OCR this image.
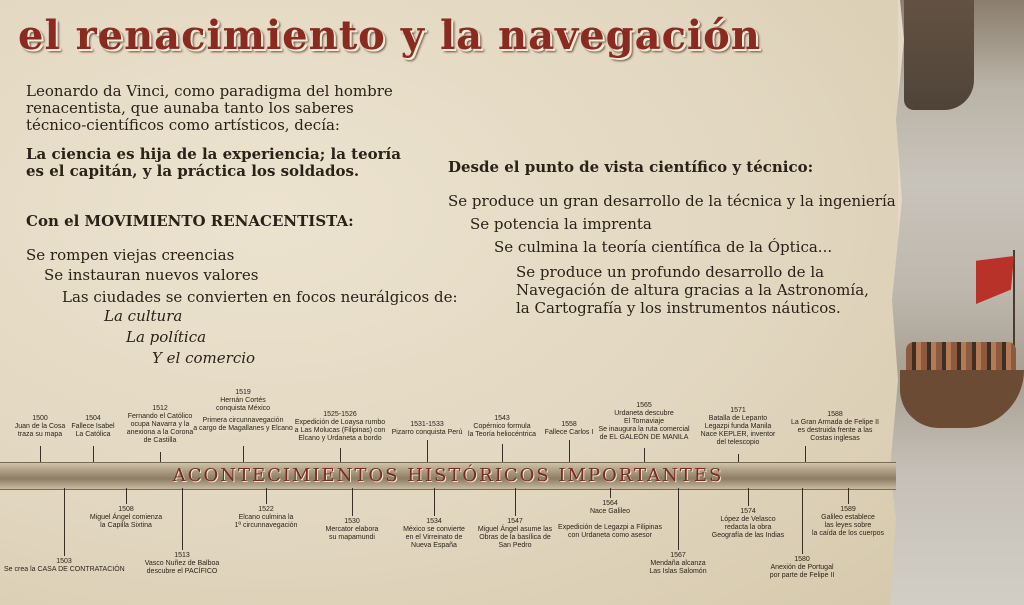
el renacimiento y la navegación
Leonardo da Vinci, como paradigma del hombre
renacentista, que aunaba tanto los saberes
técnico-científicos como artísticos, decía:
La ciencia es hija de la experiencia; la teoría
es el capitán, y la práctica los soldados.
Con el MOVIMIENTO RENACENTISTA:
Se rompen viejas creencias
Se instauran nuevos valores
Las ciudades se convierten en focos neurálgicos de:
La cultura
La política
Y el comercio
Desde el punto de vista científico y técnico:
Se produce un gran desarrollo de la técnica y la ingeniería
Se potencia la imprenta
Se culmina la teoría científica de la Óptica...
Se produce un profundo desarrollo de la
Navegación de altura gracias a la Astronomía,
la Cartografía y los instrumentos náuticos.
ACONTECIMIENTOS HISTÓRICOS IMPORTANTES
1500
Juan de la Cosa
traza su mapa
1504
Fallece Isabel
La Católica
1512
Fernando el Católico
ocupa Navarra y la
anexiona a la Corona
de Castilla
1519
Hernán Cortés
conquista México
Primera circunnavegación
a cargo de Magallanes y Elcano
1525-1526
Expedición de Loaysa rumbo
a Las Molucas (Filipinas) con
Elcano y Urdaneta a bordo
1531-1533
Pizarro conquista Perú
1543
Copérnico formula
la Teoría heliocéntrica
1558
Fallece Carlos I
1565
Urdaneta descubre
El Tornaviaje
Se inaugura la ruta comercial
de EL GALEÓN DE MANILA
1571
Batalla de Lepanto
Legazpi funda Manila
Nace KEPLER, inventor
del telescopio
1588
La Gran Armada de Felipe II
es destruida frente a las
Costas inglesas
1503
Se crea la CASA DE CONTRATACIÓN
1508
Miguel Ángel comienza
la Capilla Sixtina
1513
Vasco Nuñez de Balboa
descubre el PACÍFICO
1522
Elcano culmina la
1ª circunnavegación
1530
Mercator elabora
su mapamundi
1534
México se convierte
en el Virreinato de
Nueva España
1547
Miguel Ángel asume las
Obras de la basílica de
San Pedro
1564
Nace Galileo
Expedición de Legazpi a Filipinas
con Urdaneta como asesor
1567
Mendaña alcanza
Las Islas Salomón
1574
López de Velasco
redacta la obra
Geografía de las Indias
1580
Anexión de Portugal
por parte de Felipe II
1589
Galileo establece
las leyes sobre
la caída de los cuerpos
